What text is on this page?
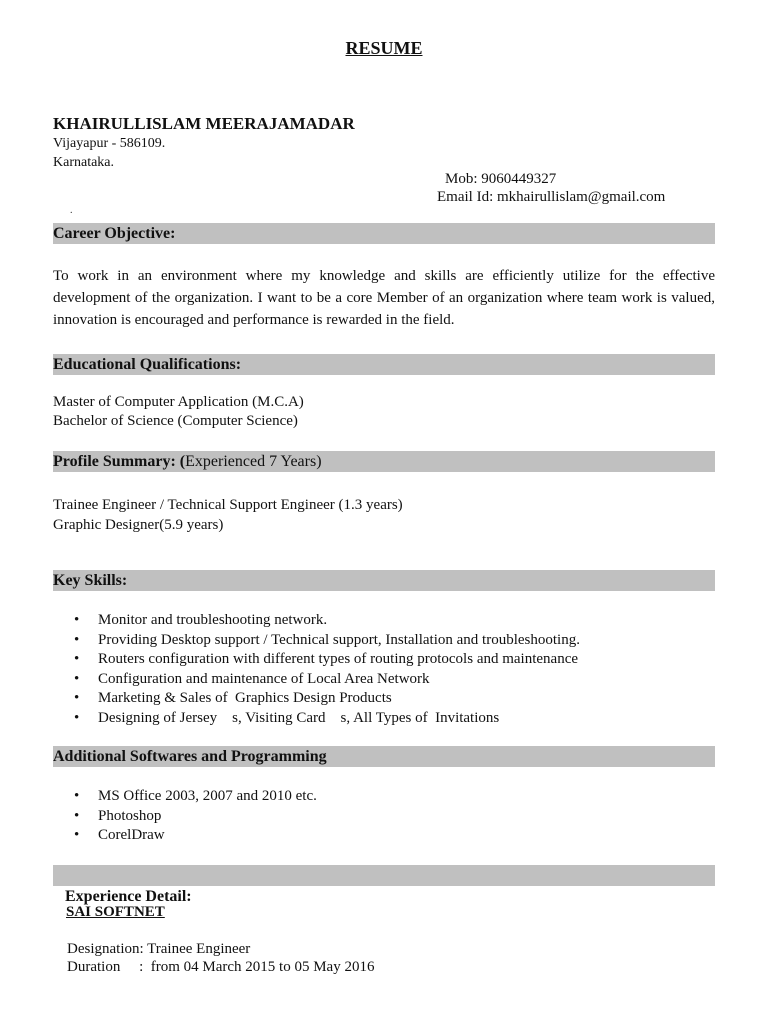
RESUME
KHAIRULLISLAM MEERAJAMADAR
Vijayapur - 586109.
Karnataka.
Mob: 9060449327
Email Id: mkhairullislam@gmail.com
.
Career Objective:
To work in an environment where my knowledge and skills are efficiently utilize for the effective development of the organization. I want to be a core Member of an organization where team work is valued, innovation is encouraged and performance is rewarded in the field.
Educational Qualifications:
Master of Computer Application (M.C.A)
Bachelor of Science (Computer Science)
Profile Summary: (Experienced 7 Years)
Trainee Engineer / Technical Support Engineer (1.3 years)
Graphic Designer(5.9 years)
Key Skills:
• Monitor and troubleshooting network.
• Providing Desktop support / Technical support, Installation and troubleshooting.
• Routers configuration with different types of routing protocols and maintenance
• Configuration and maintenance of Local Area Network
• Marketing & Sales of  Graphics Design Products
• Designing of Jersey    s, Visiting Card    s, All Types of  Invitations
Additional Softwares and Programming
• MS Office 2003, 2007 and 2010 etc.
• Photoshop
• CorelDraw

Experience Detail:

SAI SOFTNET
Designation: Trainee Engineer
Duration     :  from 04 March 2015 to 05 May 2016
